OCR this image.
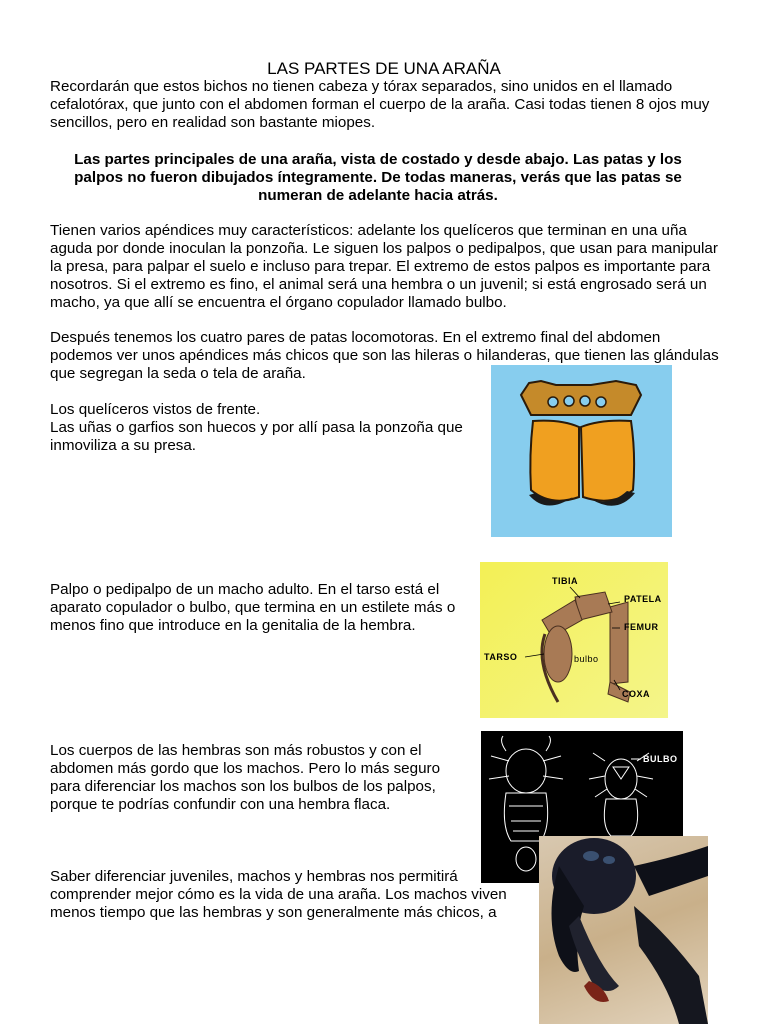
LAS PARTES DE UNA ARAÑA

Recordarán que estos bichos no tienen cabeza y tórax separados, sino unidos en el llamado cefalotórax, que junto con el abdomen forman el cuerpo de la araña. Casi todas tienen 8 ojos muy sencillos, pero en realidad son bastante miopes.

Las partes principales de una araña, vista de costado y desde abajo. Las patas y los palpos no fueron dibujados íntegramente. De todas maneras, verás que las patas se numeran de adelante hacia atrás.

Tienen varios apéndices muy característicos: adelante los quelíceros que terminan en una uña aguda por donde inoculan la ponzoña. Le siguen los palpos o pedipalpos, que usan para manipular la presa, para palpar el suelo e incluso para trepar. El extremo de estos palpos es importante para nosotros. Si el extremo es fino, el animal será una hembra o un juvenil; si está engrosado será un macho, ya que allí se encuentra el órgano copulador llamado bulbo.

Después tenemos los cuatro pares de patas locomotoras. En el extremo final del abdomen podemos ver unos apéndices más chicos que son las hileras o hilanderas, que tienen las glándulas que segregan la seda o tela de araña.

Los quelíceros vistos de frente.
Las uñas o garfios son huecos y por allí pasa la ponzoña que inmoviliza a su presa.

Palpo o pedipalpo de un macho adulto. En el tarso está el aparato copulador o bulbo, que termina en un estilete más o menos fino que introduce en la genitalia de la hembra.

Los cuerpos de las hembras son más robustos y con el abdomen más gordo que los machos. Pero lo más seguro para diferenciar los machos son los bulbos de los palpos, porque te podrías confundir con una hembra flaca.

Saber diferenciar juveniles, machos y hembras nos permitirá comprender mejor cómo es la vida de una araña. Los machos viven menos tiempo que las hembras y son generalmente más chicos, a

TIBIA
PATELA
FEMUR
TARSO	bulbo
COXA
BULBO
